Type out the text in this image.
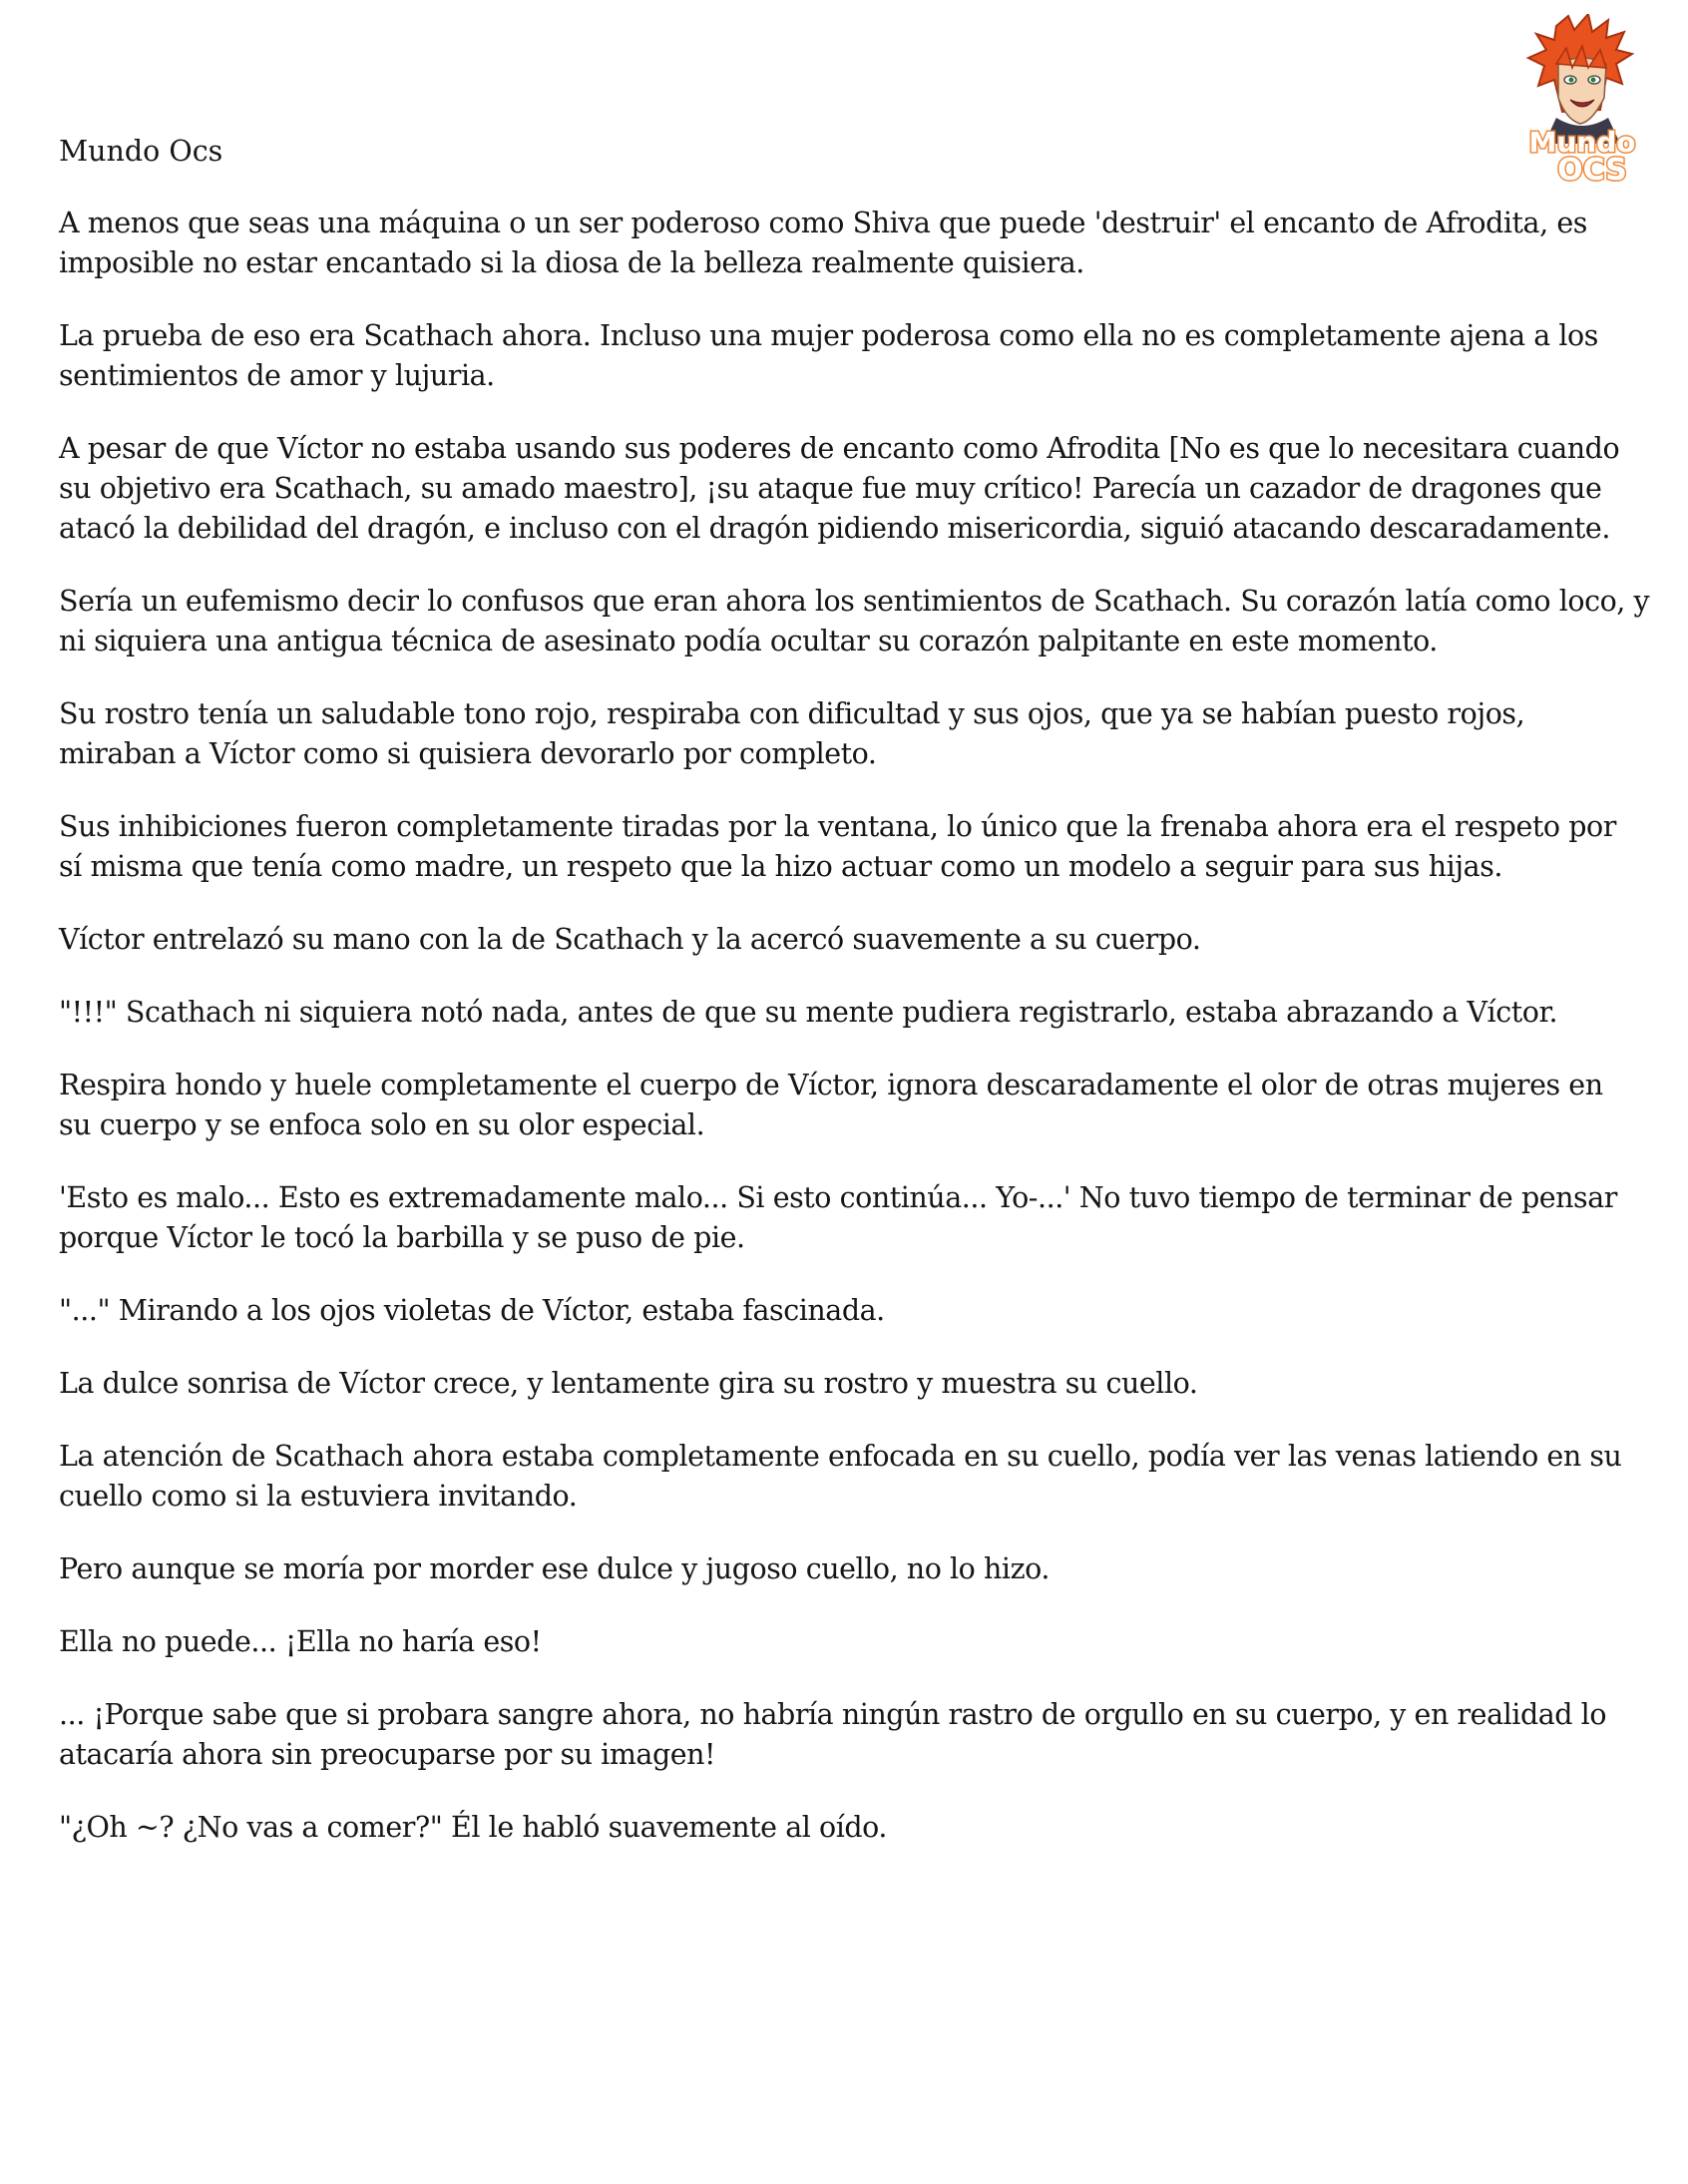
Mundo
OCS
Mundo Ocs

A menos que seas una máquina o un ser poderoso como Shiva que puede 'destruir' el encanto de Afrodita, es
imposible no estar encantado si la diosa de la belleza realmente quisiera.

La prueba de eso era Scathach ahora. Incluso una mujer poderosa como ella no es completamente ajena a los
sentimientos de amor y lujuria.

A pesar de que Víctor no estaba usando sus poderes de encanto como Afrodita [No es que lo necesitara cuando
su objetivo era Scathach, su amado maestro], ¡su ataque fue muy crítico! Parecía un cazador de dragones que
atacó la debilidad del dragón, e incluso con el dragón pidiendo misericordia, siguió atacando descaradamente.

Sería un eufemismo decir lo confusos que eran ahora los sentimientos de Scathach. Su corazón latía como loco, y
ni siquiera una antigua técnica de asesinato podía ocultar su corazón palpitante en este momento.

Su rostro tenía un saludable tono rojo, respiraba con dificultad y sus ojos, que ya se habían puesto rojos,
miraban a Víctor como si quisiera devorarlo por completo.

Sus inhibiciones fueron completamente tiradas por la ventana, lo único que la frenaba ahora era el respeto por
sí misma que tenía como madre, un respeto que la hizo actuar como un modelo a seguir para sus hijas.

Víctor entrelazó su mano con la de Scathach y la acercó suavemente a su cuerpo.

"!!!" Scathach ni siquiera notó nada, antes de que su mente pudiera registrarlo, estaba abrazando a Víctor.

Respira hondo y huele completamente el cuerpo de Víctor, ignora descaradamente el olor de otras mujeres en
su cuerpo y se enfoca solo en su olor especial.

'Esto es malo... Esto es extremadamente malo... Si esto continúa... Yo-...' No tuvo tiempo de terminar de pensar
porque Víctor le tocó la barbilla y se puso de pie.

"..." Mirando a los ojos violetas de Víctor, estaba fascinada.

La dulce sonrisa de Víctor crece, y lentamente gira su rostro y muestra su cuello.

La atención de Scathach ahora estaba completamente enfocada en su cuello, podía ver las venas latiendo en su
cuello como si la estuviera invitando.

Pero aunque se moría por morder ese dulce y jugoso cuello, no lo hizo.

Ella no puede... ¡Ella no haría eso!

... ¡Porque sabe que si probara sangre ahora, no habría ningún rastro de orgullo en su cuerpo, y en realidad lo
atacaría ahora sin preocuparse por su imagen!

"¿Oh ~? ¿No vas a comer?" Él le habló suavemente al oído.
